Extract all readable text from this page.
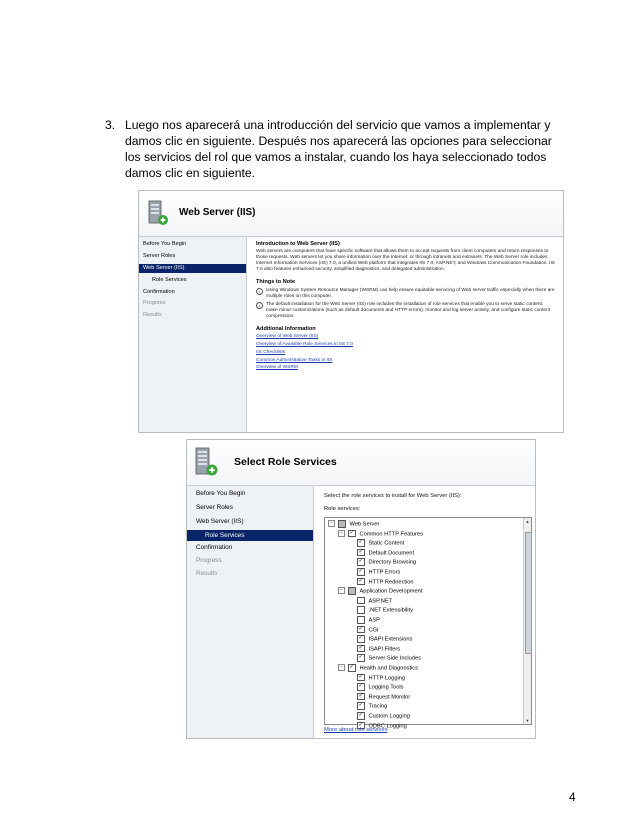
3. Luego nos aparecerá una introducción del servicio que vamos a implementar y
damos clic en siguiente. Después nos aparecerá las opciones para seleccionar
los servicios del rol que vamos a instalar, cuando los haya seleccionado todos
damos clic en siguiente.
Web Server (IIS)
Before You Begin
Server Roles
Web Server (IIS)
Role Services
Confirmation
Progress
Results
Introduction to Web Server (IIS)

Web servers are computers that have specific software that allows them to accept requests from client computers and return responses to those requests. Web servers let you share information over the Internet, or through intranets and extranets. The Web Server role includes Internet Information Services (IIS) 7.0, a unified Web platform that integrates IIS 7.0, ASP.NET, and Windows Communication Foundation. IIS 7.0 also features enhanced security, simplified diagnostics, and delegated administration.

Things to Note
i	Using Windows System Resource Manager (WSRM) can help ensure equitable servicing of Web server traffic especially when there are multiple roles on this computer.
i	The default installation for the Web Server (IIS) role includes the installation of role services that enable you to serve static content, make minor customizations (such as default documents and HTTP errors), monitor and log server activity, and configure static content compression.
Additional Information
Overview of Web Server (IIS)
Overview of Available Role Services in IIS 7.0
IIS Checklists
Common Administrative Tasks in IIS
Overview of WSRM
Select Role Services
Before You Begin
Server Roles
Web Server (IIS)
Role Services
Confirmation
Progress
Results
Select the role services to install for Web Server (IIS):
Role services:
▲
▼
−	Web Server
− ✓ Common HTTP Features
✓ Static Content
✓ Default Document
✓ Directory Browsing
✓ HTTP Errors
✓ HTTP Redirection
−	Application Development
ASP.NET
.NET Extensibility
ASP
✓ CGI
✓ ISAPI Extensions
✓ ISAPI Filters
✓ Server Side Includes
− ✓ Health and Diagnostics
✓ HTTP Logging
✓ Logging Tools
✓ Request Monitor
✓ Tracing
✓ Custom Logging
✓ ODBC Logging
More about role services
4
